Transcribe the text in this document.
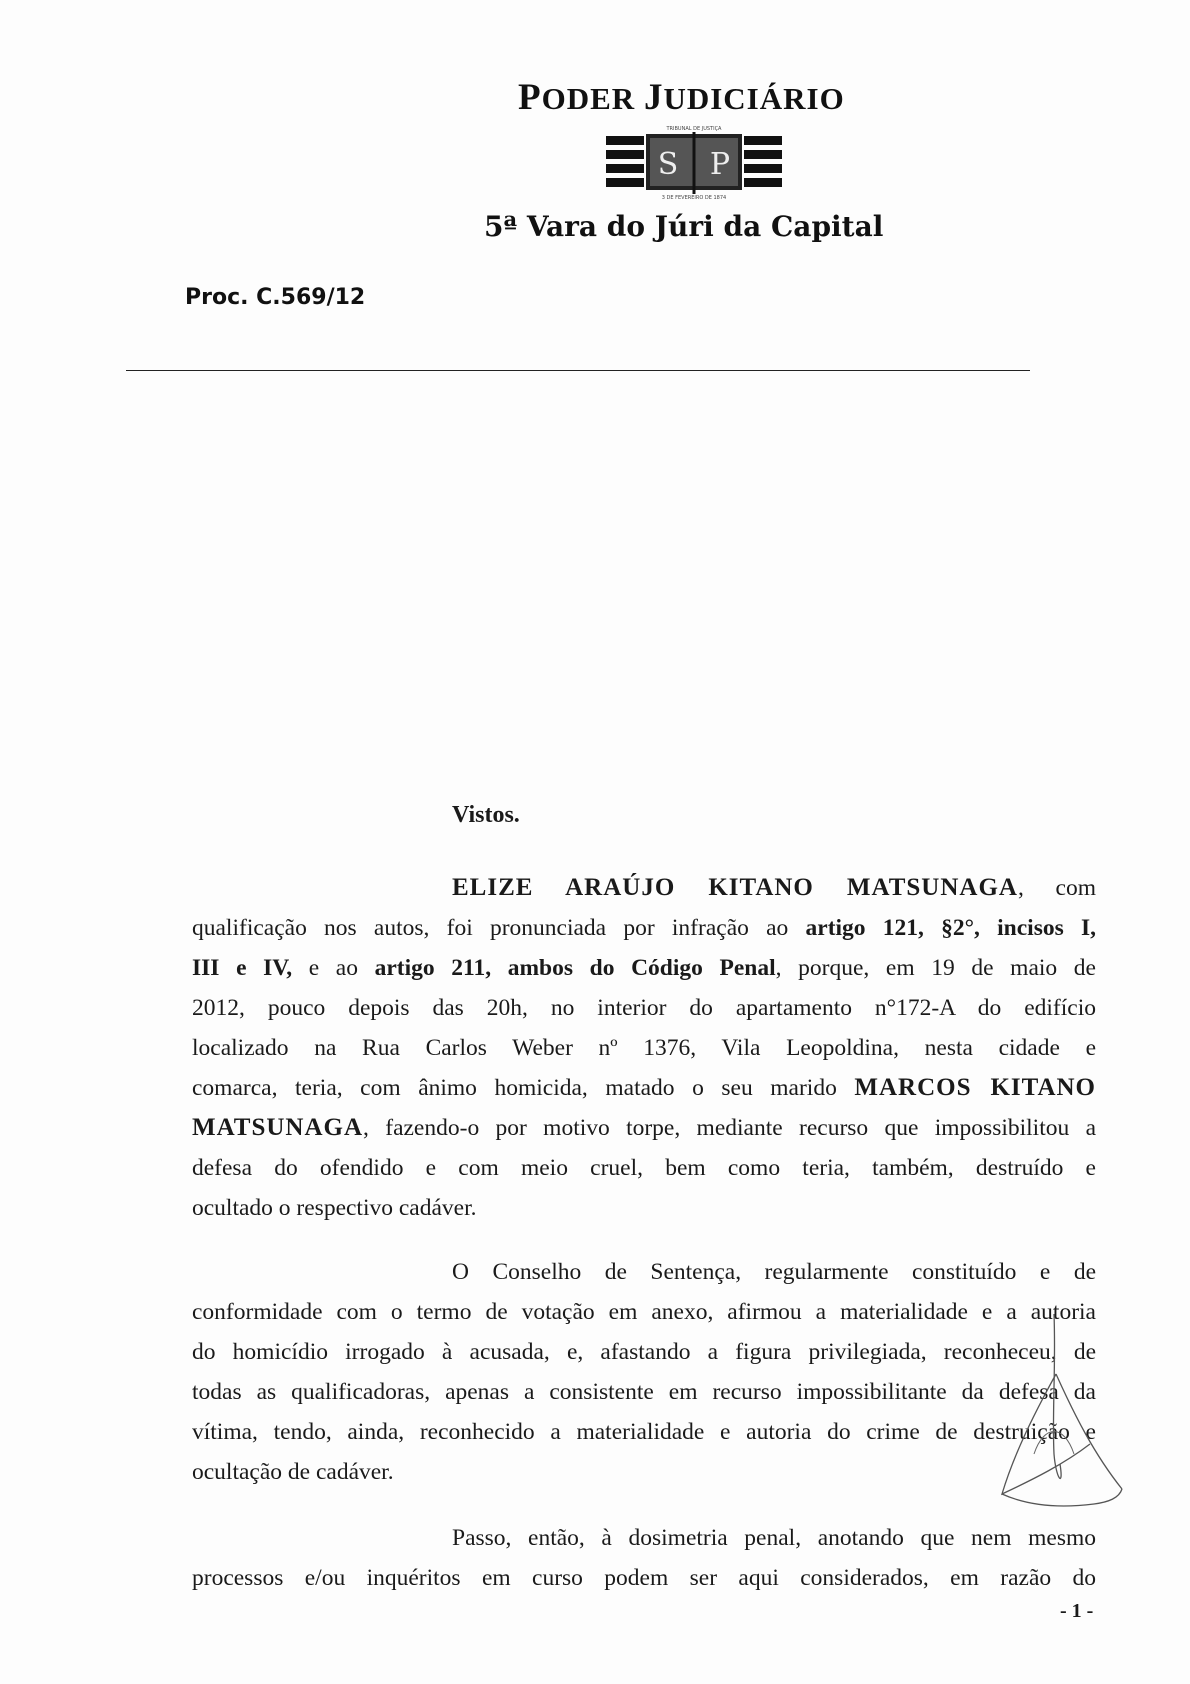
PODER JUDICIÁRIO
TRIBUNAL DE JUSTIÇA
S P
3 DE FEVEREIRO DE 1874
5ª Vara do Júri da Capital
Proc. C.569/12
Vistos.
ELIZE ARAÚJO KITANO MATSUNAGA, com
qualificação nos autos, foi pronunciada por infração ao artigo 121, §2°, incisos I,
III e IV, e ao artigo 211, ambos do Código Penal, porque, em 19 de maio de
2012, pouco depois das 20h, no interior do apartamento n°172-A do edifício
localizado na Rua Carlos Weber nº 1376, Vila Leopoldina, nesta cidade e
comarca, teria, com ânimo homicida, matado o seu marido MARCOS KITANO
MATSUNAGA, fazendo-o por motivo torpe, mediante recurso que impossibilitou a
defesa do ofendido e com meio cruel, bem como teria, também, destruído e
ocultado o respectivo cadáver.
O Conselho de Sentença, regularmente constituído e de
conformidade com o termo de votação em anexo, afirmou a materialidade e a autoria
do homicídio irrogado à acusada, e, afastando a figura privilegiada, reconheceu, de
todas as qualificadoras, apenas a consistente em recurso impossibilitante da defesa da
vítima, tendo, ainda, reconhecido a materialidade e autoria do crime de destruição e
ocultação de cadáver.
Passo, então, à dosimetria penal, anotando que nem mesmo
processos e/ou inquéritos em curso podem ser aqui considerados, em razão do
- 1 -
